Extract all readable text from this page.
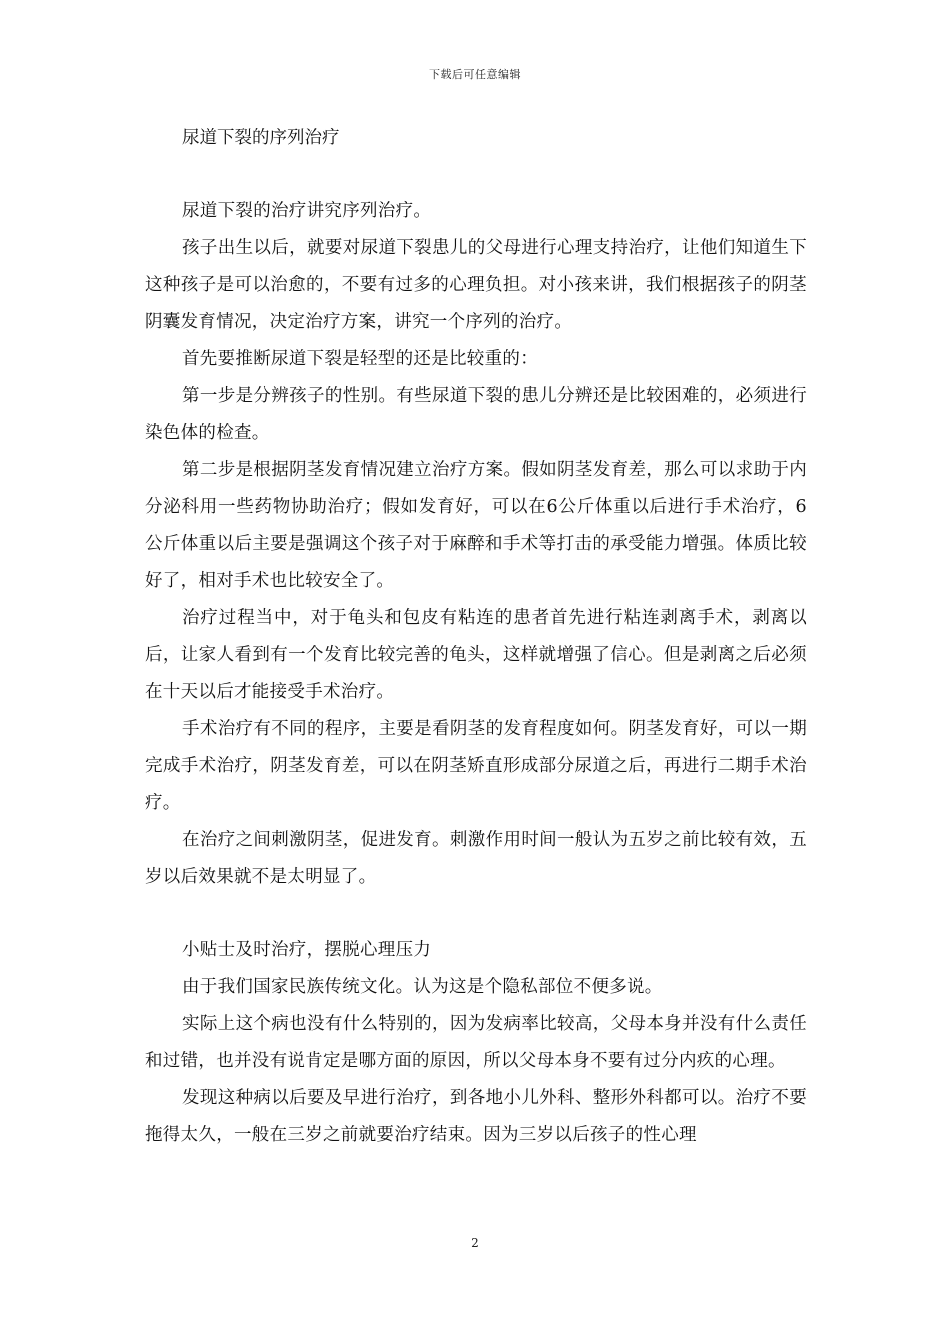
下载后可任意编辑
尿道下裂的序列治疗

尿道下裂的治疗讲究序列治疗。

孩子出生以后，就要对尿道下裂患儿的父母进行心理支持治疗，让他们知道生下这种孩子是可以治愈的，不要有过多的心理负担。对小孩来讲，我们根据孩子的阴茎阴囊发育情况，决定治疗方案，讲究一个序列的治疗。

首先要推断尿道下裂是轻型的还是比较重的：

第一步是分辨孩子的性别。有些尿道下裂的患儿分辨还是比较困难的，必须进行染色体的检查。

第二步是根据阴茎发育情况建立治疗方案。假如阴茎发育差，那么可以求助于内分泌科用一些药物协助治疗；假如发育好，可以在6公斤体重以后进行手术治疗，6公斤体重以后主要是强调这个孩子对于麻醉和手术等打击的承受能力增强。体质比较好了，相对手术也比较安全了。

治疗过程当中，对于龟头和包皮有粘连的患者首先进行粘连剥离手术，剥离以后，让家人看到有一个发育比较完善的龟头，这样就增强了信心。但是剥离之后必须在十天以后才能接受手术治疗。

手术治疗有不同的程序，主要是看阴茎的发育程度如何。阴茎发育好，可以一期完成手术治疗，阴茎发育差，可以在阴茎矫直形成部分尿道之后，再进行二期手术治疗。

在治疗之间刺激阴茎，促进发育。刺激作用时间一般认为五岁之前比较有效，五岁以后效果就不是太明显了。

小贴士及时治疗，摆脱心理压力

由于我们国家民族传统文化。认为这是个隐私部位不便多说。

实际上这个病也没有什么特别的，因为发病率比较高，父母本身并没有什么责任和过错，也并没有说肯定是哪方面的原因，所以父母本身不要有过分内疚的心理。

发现这种病以后要及早进行治疗，到各地小儿外科、整形外科都可以。治疗不要拖得太久，一般在三岁之前就要治疗结束。因为三岁以后孩子的性心理

2
